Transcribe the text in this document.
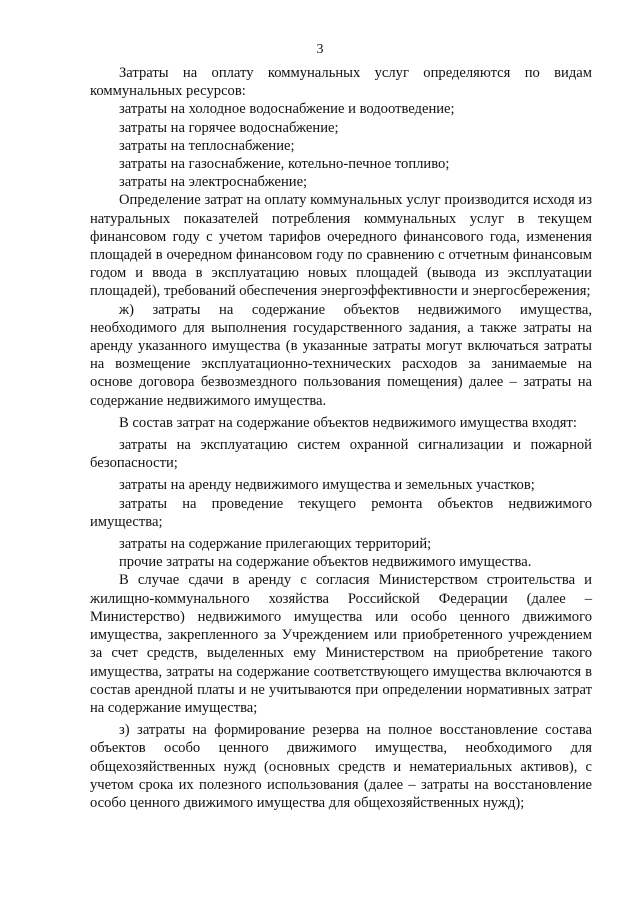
3

Затраты на оплату коммунальных услуг определяются по видам коммунальных ресурсов:

затраты на холодное водоснабжение и водоотведение;

затраты на горячее водоснабжение;

затраты на теплоснабжение;

затраты на газоснабжение, котельно-печное топливо;

затраты на электроснабжение;

Определение затрат на оплату коммунальных услуг производится исходя из натуральных показателей потребления коммунальных услуг в текущем финансовом году с учетом тарифов очередного финансового года, изменения площадей в очередном финансовом году по сравнению с отчетным финансовым годом и ввода в эксплуатацию новых площадей (вывода из эксплуатации площадей), требований обеспечения энергоэффективности и энергосбережения;

ж) затраты на содержание объектов недвижимого имущества, необходимого для выполнения государственного задания, а также затраты на аренду указанного имущества (в указанные затраты могут включаться затраты на возмещение эксплуатационно-технических расходов за занимаемые на основе договора безвозмездного пользования помещения) далее – затраты на содержание недвижимого имущества.

В состав затрат на содержание объектов недвижимого имущества входят:

затраты на эксплуатацию систем охранной сигнализации и пожарной безопасности;

затраты на аренду недвижимого имущества и земельных участков;

затраты на проведение текущего ремонта объектов недвижимого имущества;

затраты на содержание прилегающих территорий;

прочие затраты на содержание объектов недвижимого имущества.

В случае сдачи в аренду с согласия Министерством строительства и жилищно-коммунального хозяйства Российской Федерации (далее – Министерство) недвижимого имущества или особо ценного движимого имущества, закрепленного за Учреждением или приобретенного учреждением за счет средств, выделенных ему Министерством на приобретение такого имущества, затраты на содержание соответствующего имущества включаются в состав арендной платы и не учитываются при определении нормативных затрат на содержание имущества;

з) затраты на формирование резерва на полное восстановление состава объектов особо ценного движимого имущества, необходимого для общехозяйственных нужд (основных средств и нематериальных активов), с учетом срока их полезного использования (далее – затраты на восстановление особо ценного движимого имущества для общехозяйственных нужд);
